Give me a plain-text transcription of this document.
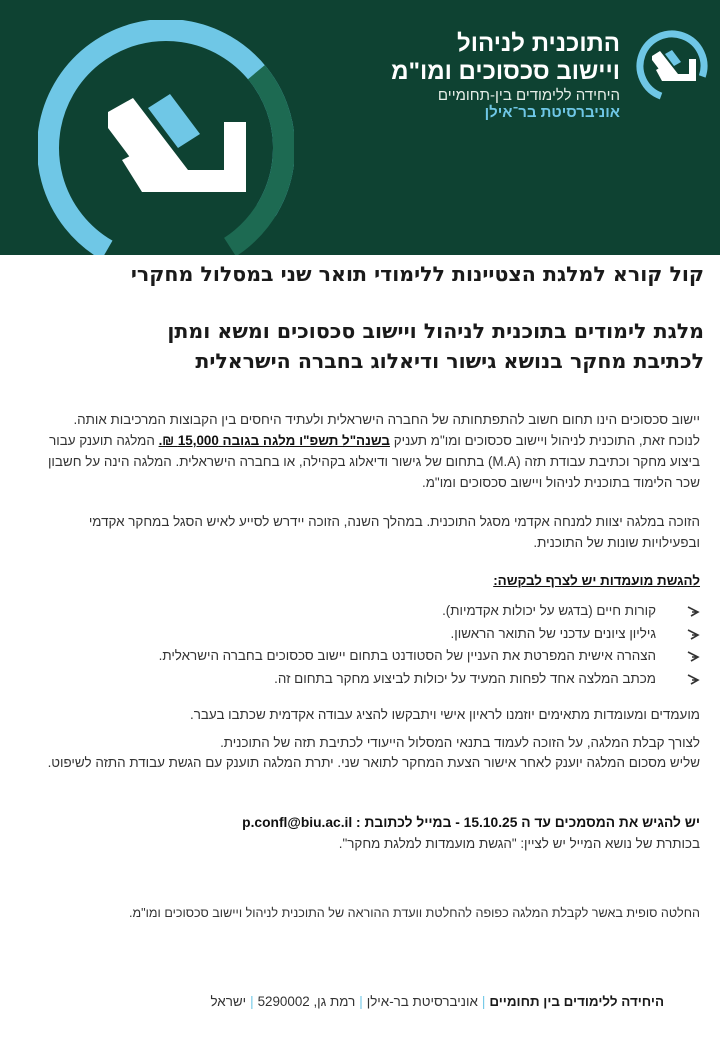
התוכנית לניהול
ויישוב סכסוכים ומו"מ
היחידה ללימודים בין-תחומיים
אוניברסיטת בר־אילן
קול קורא למלגת הצטיינות ללימודי תואר שני במסלול מחקרי
מלגת לימודים בתוכנית לניהול ויישוב סכסוכים ומשא ומתן
לכתיבת מחקר בנושא גישור ודיאלוג בחברה הישראלית
יישוב סכסוכים הינו תחום חשוב להתפתחותה של החברה הישראלית ולעתיד היחסים בין הקבוצות המרכיבות אותה. לנוכח זאת, התוכנית לניהול ויישוב סכסוכים ומו"מ תעניק בשנה"ל תשפ"ו מלגה בגובה 15,000 ₪. המלגה תוענק עבור ביצוע מחקר וכתיבת עבודת תזה (M.A) בתחום של גישור ודיאלוג בקהילה, או בחברה הישראלית. המלגה הינה על חשבון שכר הלימוד בתוכנית לניהול ויישוב סכסוכים ומו"מ.
הזוכה במלגה יצוות למנחה אקדמי מסגל התוכנית. במהלך השנה, הזוכה יידרש לסייע לאיש הסגל במחקר אקדמי ובפעילויות שונות של התוכנית.
להגשת מועמדות יש לצרף לבקשה:
קורות חיים (בדגש על יכולות אקדמיות).
גיליון ציונים עדכני של התואר הראשון.
הצהרה אישית המפרטת את העניין של הסטודנט בתחום יישוב סכסוכים בחברה הישראלית.
מכתב המלצה אחד לפחות המעיד על יכולות לביצוע מחקר בתחום זה.
מועמדים ומעומדות מתאימים יוזמנו לראיון אישי ויתבקשו להציג עבודה אקדמית שכתבו בעבר.
לצורך קבלת המלגה, על הזוכה לעמוד בתנאי המסלול הייעודי לכתיבת תזה של התוכנית.
שליש מסכום המלגה יוענק לאחר אישור הצעת המחקר לתואר שני. יתרת המלגה תוענק עם הגשת עבודת התזה לשיפוט.
יש להגיש את המסמכים עד ה 15.10.25 - במייל לכתובת : p.confl@biu.ac.il
בכותרת של נושא המייל יש לציין: "הגשת מועמדות למלגת מחקר".
החלטה סופית באשר לקבלת המלגה כפופה להחלטת וועדת ההוראה של התוכנית לניהול ויישוב סכסוכים ומו"מ.
היחידה ללימודים בין תחומיים|אוניברסיטת בר-אילן|רמת גן, 5290002|ישראל
